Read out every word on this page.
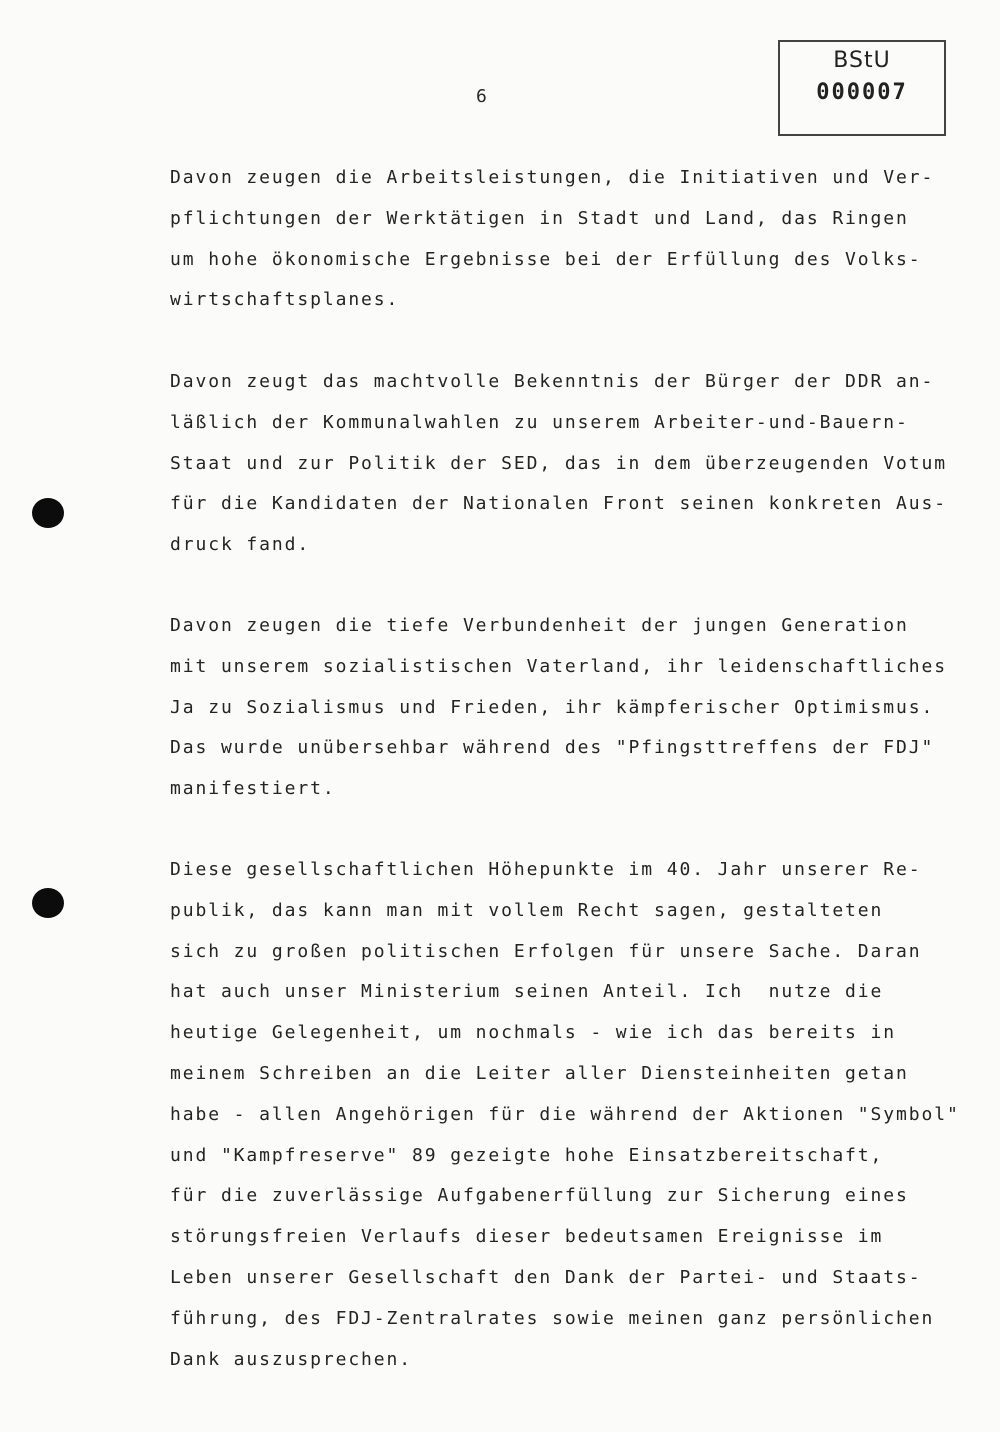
BStU
000007
6

Davon zeugen die Arbeitsleistungen, die Initiativen und Ver-
pflichtungen der Werktätigen in Stadt und Land, das Ringen
um hohe ökonomische Ergebnisse bei der Erfüllung des Volks-
wirtschaftsplanes.

Davon zeugt das machtvolle Bekenntnis der Bürger der DDR an-
läßlich der Kommunalwahlen zu unserem Arbeiter-und-Bauern-
Staat und zur Politik der SED, das in dem überzeugenden Votum
für die Kandidaten der Nationalen Front seinen konkreten Aus-
druck fand.

Davon zeugen die tiefe Verbundenheit der jungen Generation
mit unserem sozialistischen Vaterland, ihr leidenschaftliches
Ja zu Sozialismus und Frieden, ihr kämpferischer Optimismus.
Das wurde unübersehbar während des "Pfingsttreffens der FDJ"
manifestiert.

Diese gesellschaftlichen Höhepunkte im 40. Jahr unserer Re-
publik, das kann man mit vollem Recht sagen, gestalteten
sich zu großen politischen Erfolgen für unsere Sache. Daran
hat auch unser Ministerium seinen Anteil. Ich  nutze die
heutige Gelegenheit, um nochmals - wie ich das bereits in
meinem Schreiben an die Leiter aller Diensteinheiten getan
habe - allen Angehörigen für die während der Aktionen "Symbol"
und "Kampfreserve" 89 gezeigte hohe Einsatzbereitschaft,
für die zuverlässige Aufgabenerfüllung zur Sicherung eines
störungsfreien Verlaufs dieser bedeutsamen Ereignisse im
Leben unserer Gesellschaft den Dank der Partei- und Staats-
führung, des FDJ-Zentralrates sowie meinen ganz persönlichen
Dank auszusprechen.
